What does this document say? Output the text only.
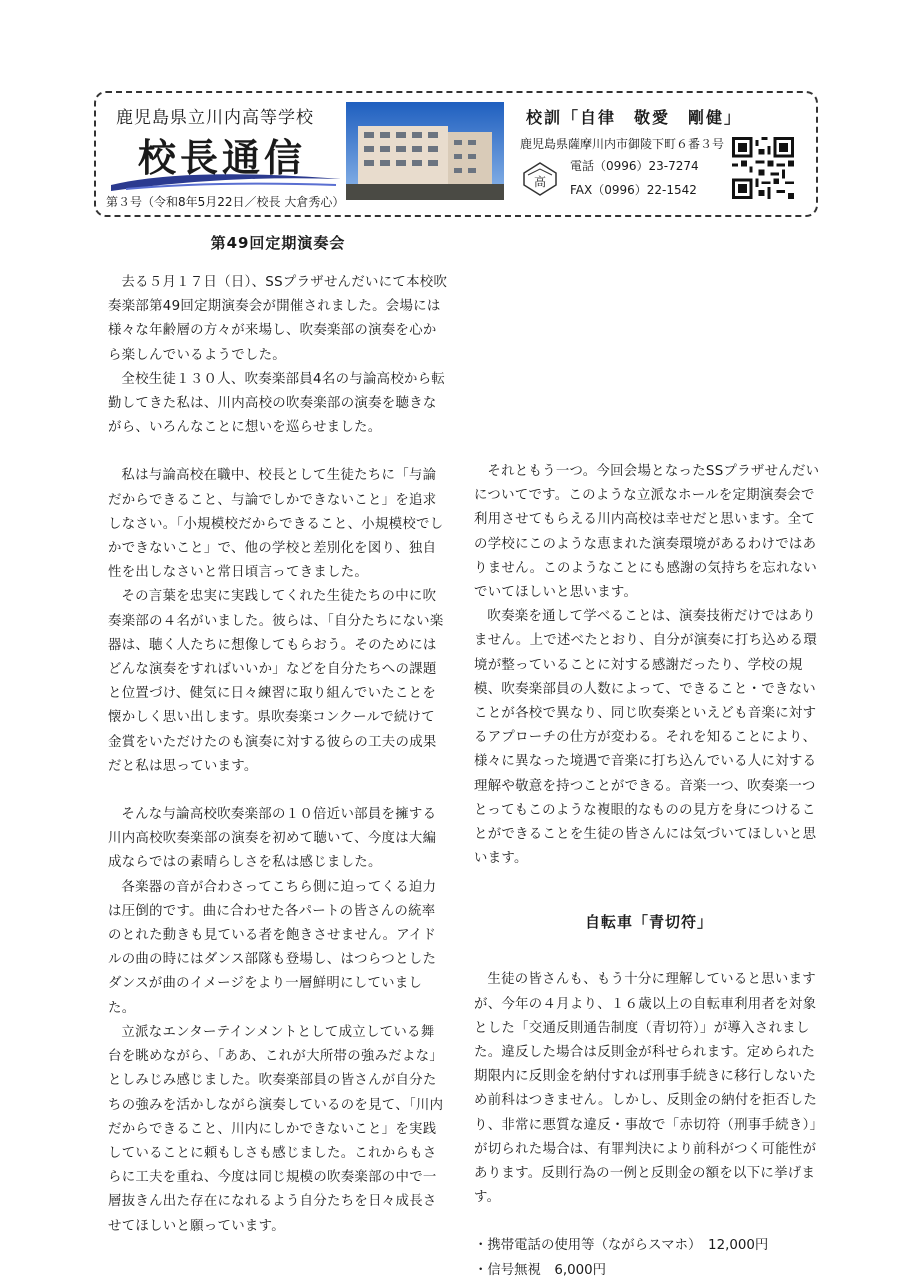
鹿児島県立川内高等学校
校長通信
第３号（令和8年5月22日／校長 大倉秀心）
校訓「自律　敬愛　剛健」
鹿児島県薩摩川内市御陵下町６番３号
高
電話（0996）23-7274
FAX（0996）22-1542
第49回定期演奏会

去る５月１７日（日）、SSプラザせんだいにて本校吹奏楽部第49回定期演奏会が開催されました。会場には様々な年齢層の方々が来場し、吹奏楽部の演奏を心から楽しんでいるようでした。

全校生徒１３０人、吹奏楽部員4名の与論高校から転勤してきた私は、川内高校の吹奏楽部の演奏を聴きながら、いろんなことに想いを巡らせました。

私は与論高校在職中、校長として生徒たちに「与論だからできること、与論でしかできないこと」を追求しなさい。「小規模校だからできること、小規模校でしかできないこと」で、他の学校と差別化を図り、独自性を出しなさいと常日頃言ってきました。

その言葉を忠実に実践してくれた生徒たちの中に吹奏楽部の４名がいました。彼らは、「自分たちにない楽器は、聴く人たちに想像してもらおう。そのためにはどんな演奏をすればいいか」などを自分たちへの課題と位置づけ、健気に日々練習に取り組んでいたことを懐かしく思い出します。県吹奏楽コンクールで続けて金賞をいただけたのも演奏に対する彼らの工夫の成果だと私は思っています。

そんな与論高校吹奏楽部の１０倍近い部員を擁する川内高校吹奏楽部の演奏を初めて聴いて、今度は大編成ならではの素晴らしさを私は感じました。

各楽器の音が合わさってこちら側に迫ってくる迫力は圧倒的です。曲に合わせた各パートの皆さんの統率のとれた動きも見ている者を飽きさせません。アイドルの曲の時にはダンス部隊も登場し、はつらつとしたダンスが曲のイメージをより一層鮮明にしていました。

立派なエンターテインメントとして成立している舞台を眺めながら、「ああ、これが大所帯の強みだよな」としみじみ感じました。吹奏楽部員の皆さんが自分たちの強みを活かしながら演奏しているのを見て、「川内だからできること、川内にしかできないこと」を実践していることに頼もしさも感じました。これからもさらに工夫を重ね、今度は同じ規模の吹奏楽部の中で一層抜きん出た存在になれるよう自分たちを日々成長させてほしいと願っています。

それともう一つ。今回会場となったSSプラザせんだいについてです。このような立派なホールを定期演奏会で利用させてもらえる川内高校は幸せだと思います。全ての学校にこのような恵まれた演奏環境があるわけではありません。このようなことにも感謝の気持ちを忘れないでいてほしいと思います。

吹奏楽を通して学べることは、演奏技術だけではありません。上で述べたとおり、自分が演奏に打ち込める環境が整っていることに対する感謝だったり、学校の規模、吹奏楽部員の人数によって、できること・できないことが各校で異なり、同じ吹奏楽といえども音楽に対するアプローチの仕方が変わる。それを知ることにより、様々に異なった境遇で音楽に打ち込んでいる人に対する理解や敬意を持つことができる。音楽一つ、吹奏楽一つとってもこのような複眼的なものの見方を身につけることができることを生徒の皆さんには気づいてほしいと思います。

自転車「青切符」

生徒の皆さんも、もう十分に理解していると思いますが、今年の４月より、１６歳以上の自転車利用者を対象とした「交通反則通告制度（青切符）」が導入されました。違反した場合は反則金が科せられます。定められた期限内に反則金を納付すれば刑事手続きに移行しないため前科はつきません。しかし、反則金の納付を拒否したり、非常に悪質な違反・事故で「赤切符（刑事手続き）」が切られた場合は、有罪判決により前科がつく可能性があります。反則行為の一例と反則金の額を以下に挙げます。

・携帯電話の使用等（ながらスマホ）　12,000円
・信号無視　6,000円
